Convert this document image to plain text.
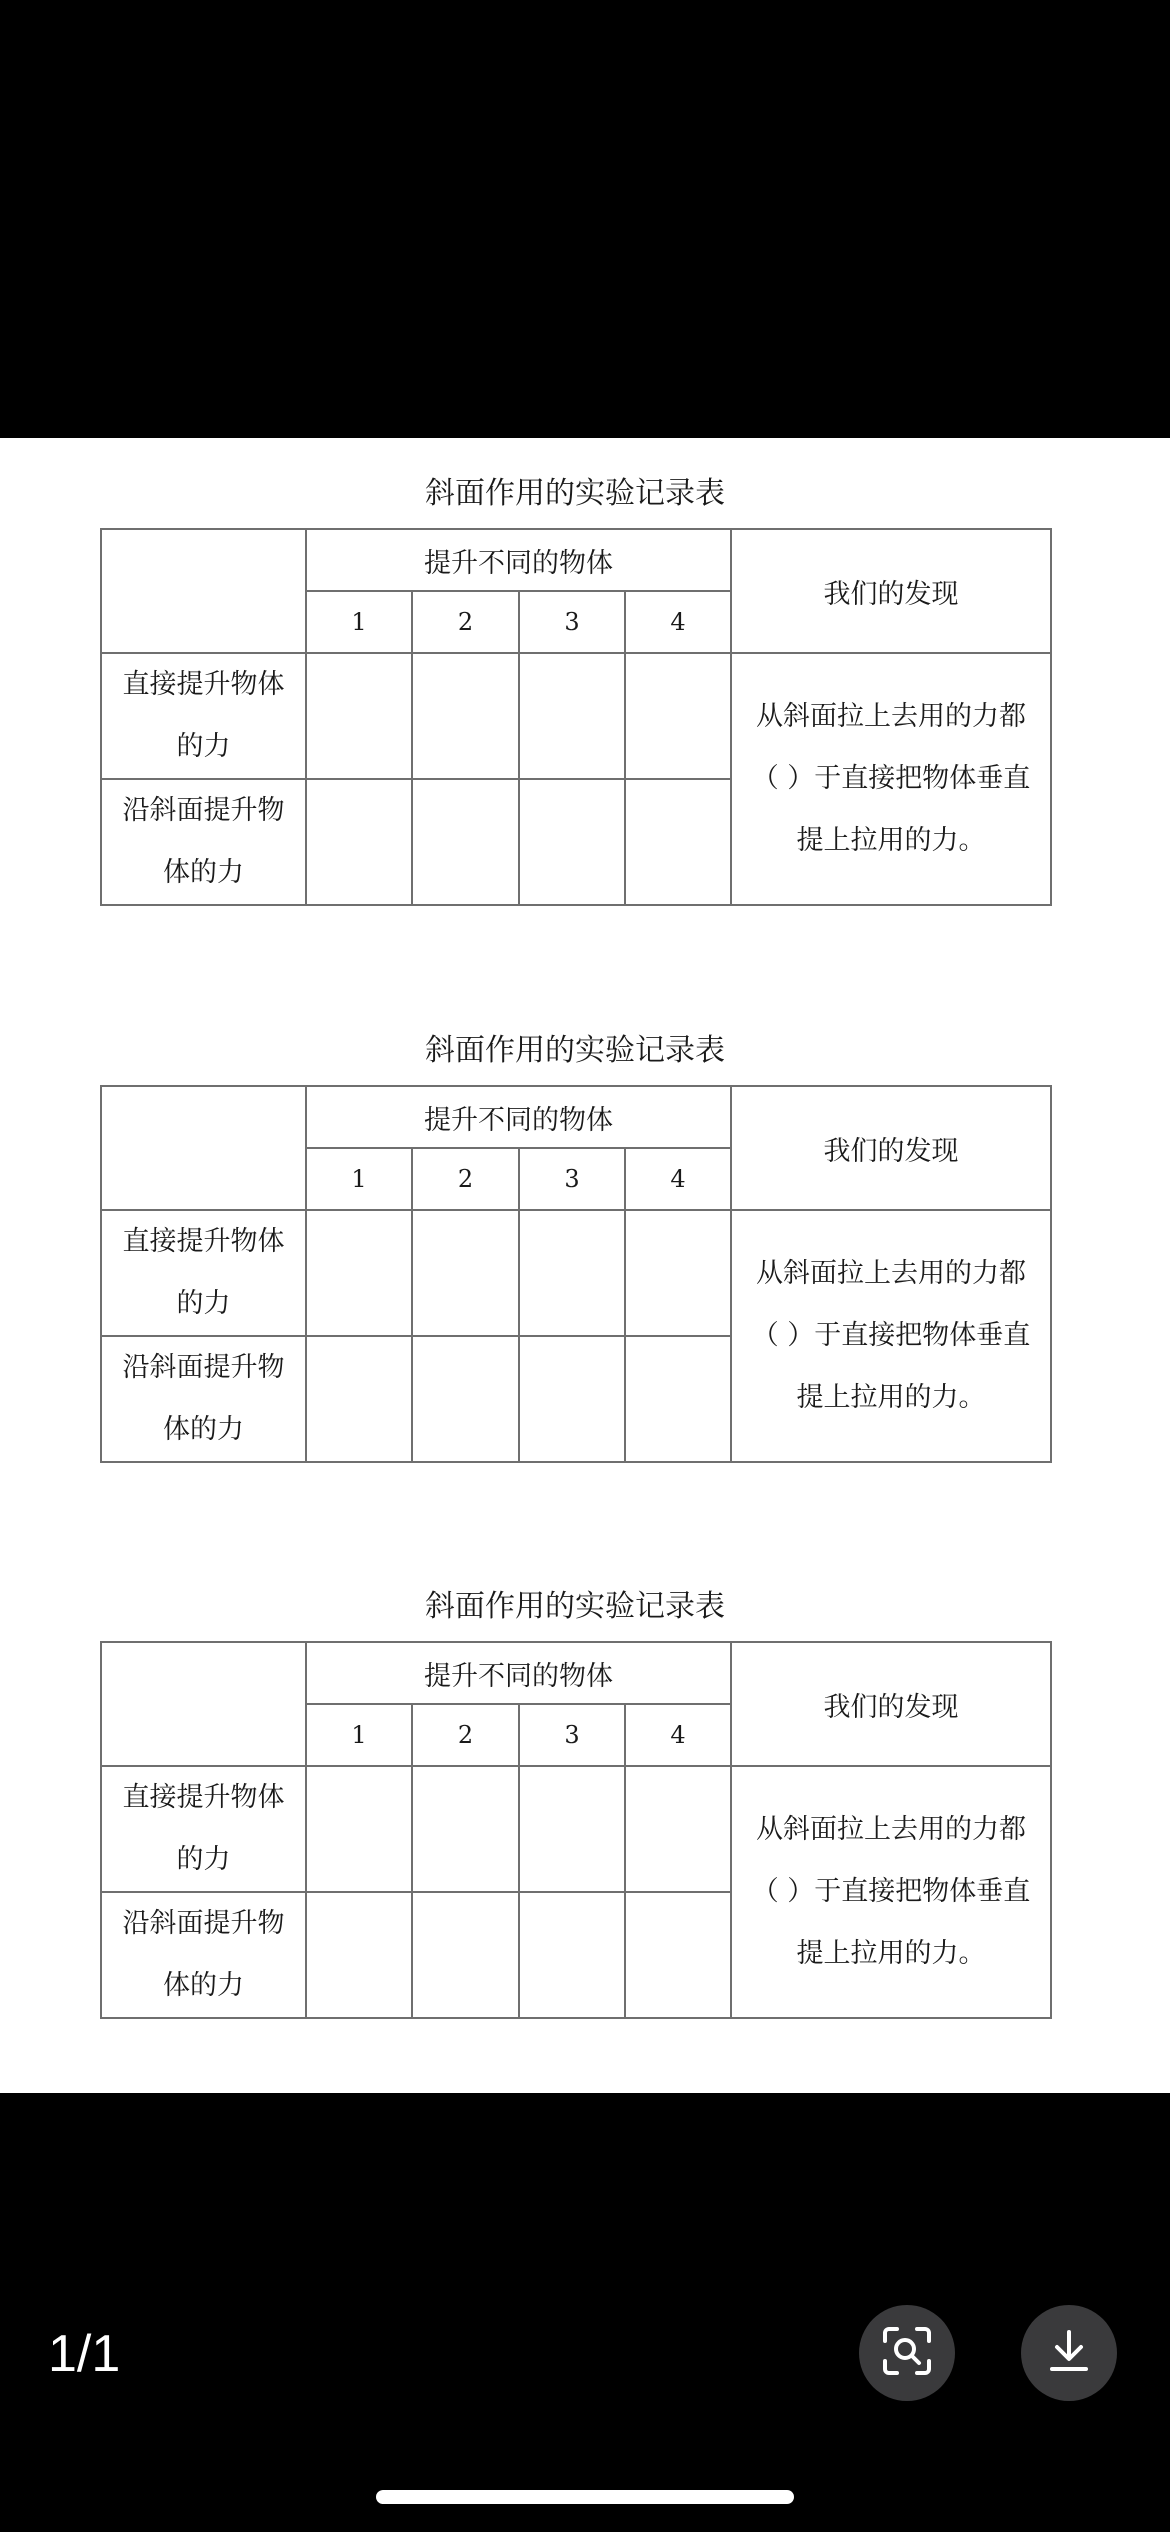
斜面作用的实验记录表
	提升不同的物体				我们的发现
	1	2	3	4	

直接提升物体
的力					从斜面拉上去用的力都
（ ）于直接把物体垂直
提上拉用的力。

沿斜面提升物
体的力					

斜面作用的实验记录表
	提升不同的物体				我们的发现
	1	2	3	4	

直接提升物体
的力					从斜面拉上去用的力都
（ ）于直接把物体垂直
提上拉用的力。

沿斜面提升物
体的力					

斜面作用的实验记录表
	提升不同的物体				我们的发现
	1	2	3	4	

直接提升物体
的力					从斜面拉上去用的力都
（ ）于直接把物体垂直
提上拉用的力。

沿斜面提升物
体的力					

1/1
